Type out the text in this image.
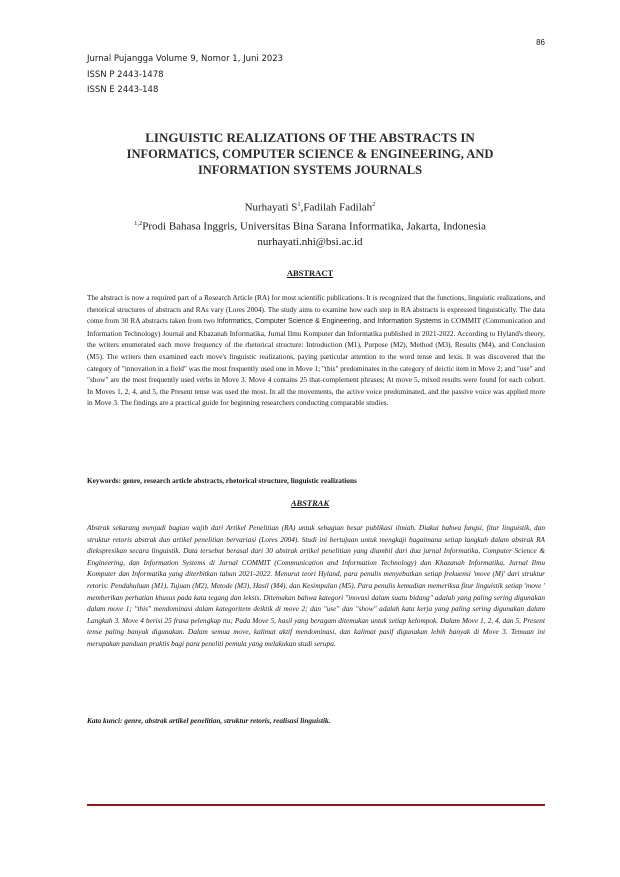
86
Jurnal Pujangga Volume 9, Nomor 1, Juni 2023
ISSN P 2443-1478
ISSN E 2443-148
LINGUISTIC REALIZATIONS OF THE ABSTRACTS IN
INFORMATICS, COMPUTER SCIENCE & ENGINEERING, AND
INFORMATION SYSTEMS JOURNALS
Nurhayati $S^1,Fadilah$ Fadilah$^2$
$^{1,2}$Prodi Bahasa Inggris, Universitas Bina Sarana Informatika, Jakarta, Indonesia
nurhayati.nhi@bsi.ac.id
ABSTRACT
The abstract is now a required part of a Research Article (RA) for most scientific publications. It is recognized that the functions, linguistic realizations, and rhetorical structures of abstracts and RAs vary (Lores 2004). The study aims to examine how each step in RA abstracts is expressed linguistically. The data come from 30 RA abstracts taken from two Informatics, Computer Science & Engineering, and Information Systems in COMMIT (Communication and Information Technology) Journal and Khazanah Informatika, Jurnal Ilmu Komputer dan Informatika published in 2021-2022. According to Hyland's theory, the writers enumerated each move frequency of the rhetorical structure: Introduction (M1), Purpose (M2), Method (M3), Results (M4), and Conclusion (M5). The writers then examined each move's linguistic realizations, paying particular attention to the word tense and lexis. It was discovered that the category of "innovation in a field" was the most frequently used one in Move 1; "this" predominates in the category of deictic item in Move 2; and "use" and "show" are the most frequently used verbs in Move 3. Move 4 contains 25 that-complement phrases; At move 5, mixed results were found for each cohort. In Moves 1, 2, 4, and 5, the Present tense was used the most. In all the movements, the active voice predominated, and the passive voice was applied more in Move 3. The findings are a practical guide for beginning researchers conducting comparable studies.
Keywords: genre, research article abstracts, rhetorical structure, linguistic realizations
ABSTRAK
Abstrak sekarang menjadi bagian wajib dari Artikel Penelitian (RA) untuk sebagian besar publikasi ilmiah. Diakui bahwa fungsi, fitur linguistik, dan struktur retoris abstrak dan artikel penelitian bervariasi (Lores 2004). Studi ini bertujuan untuk mengkaji bagaimana setiap langkah dalam abstrak RA diekspresikan secara linguistik. Data tersebut berasal dari 30 abstrak artikel penelitian yang diambil dari dua jurnal Informatika, Computer Science & Engineering, dan Information Systems di Jurnal COMMIT (Communication and Information Technology) dan Khazanah Informatika, Jurnal Ilmu Komputer dan Informatika yang diterbitkan tahun 2021-2022. Menurut teori Hyland, para penulis menyebutkan setiap frekuensi 'move (M)' dari struktur retoris: Pendahuluan (M1), Tujuan (M2), Metode (M3), Hasil (M4), dan Kesimpulan (M5). Para penulis kemudian memeriksa fitur linguistik setiap 'move ' memberikan perhatian khusus pada kata tegang dan leksis. Ditemukan bahwa kategori "inovasi dalam suatu bidang" adalah yang paling sering digunakan dalam move 1; "this" mendominasi dalam kategoritem deiktik di move 2; dan "use" dan "show" adalah kata kerja yang paling sering digunakan dalam Langkah 3. Move 4 berisi 25 frasa pelengkap itu; Pada Move 5, hasil yang beragam ditemukan untuk setiap kelompok. Dalam Move 1, 2, 4, dan 5, Present tense paling banyak digunakan. Dalam semua move, kalimat aktif mendominasi, dan kalimat pasif digunakan lebih banyak di Move 3. Temuan ini merupakan panduan praktis bagi para peneliti pemula yang melakukan studi serupa.
Kata kunci: genre, abstrak artikel penelitian, struktur retoris, realisasi linguistik.
